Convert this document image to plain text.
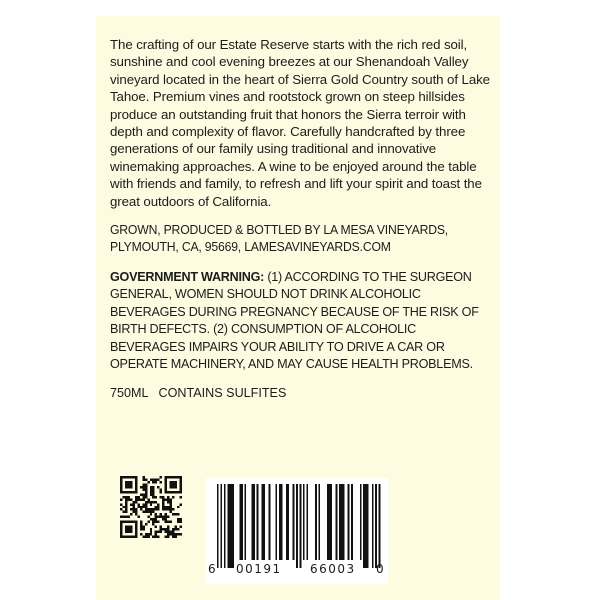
The crafting of our Estate Reserve starts with the rich red soil, sunshine and cool evening breezes at our Shenandoah Valley vineyard located in the heart of Sierra Gold Country south of Lake Tahoe. Premium vines and rootstock grown on steep hillsides produce an outstanding fruit that honors the Sierra terroir with depth and complexity of flavor. Carefully handcrafted by three generations of our family using traditional and innovative winemaking approaches. A wine to be enjoyed around the table with friends and family, to refresh and lift your spirit and toast the great outdoors of California.

GROWN, PRODUCED & BOTTLED BY LA MESA VINEYARDS, PLYMOUTH, CA, 95669, LAMESAVINEYARDS.COM

GOVERNMENT WARNING: (1) ACCORDING TO THE SURGEON GENERAL, WOMEN SHOULD NOT DRINK ALCOHOLIC BEVERAGES DURING PREGNANCY BECAUSE OF THE RISK OF BIRTH DEFECTS. (2) CONSUMPTION OF ALCOHOLIC BEVERAGES IMPAIRS YOUR ABILITY TO DRIVE A CAR OR OPERATE MACHINERY, AND MAY CAUSE HEALTH PROBLEMS.

750ML   CONTAINS SULFITES

6 00191 66003 0
